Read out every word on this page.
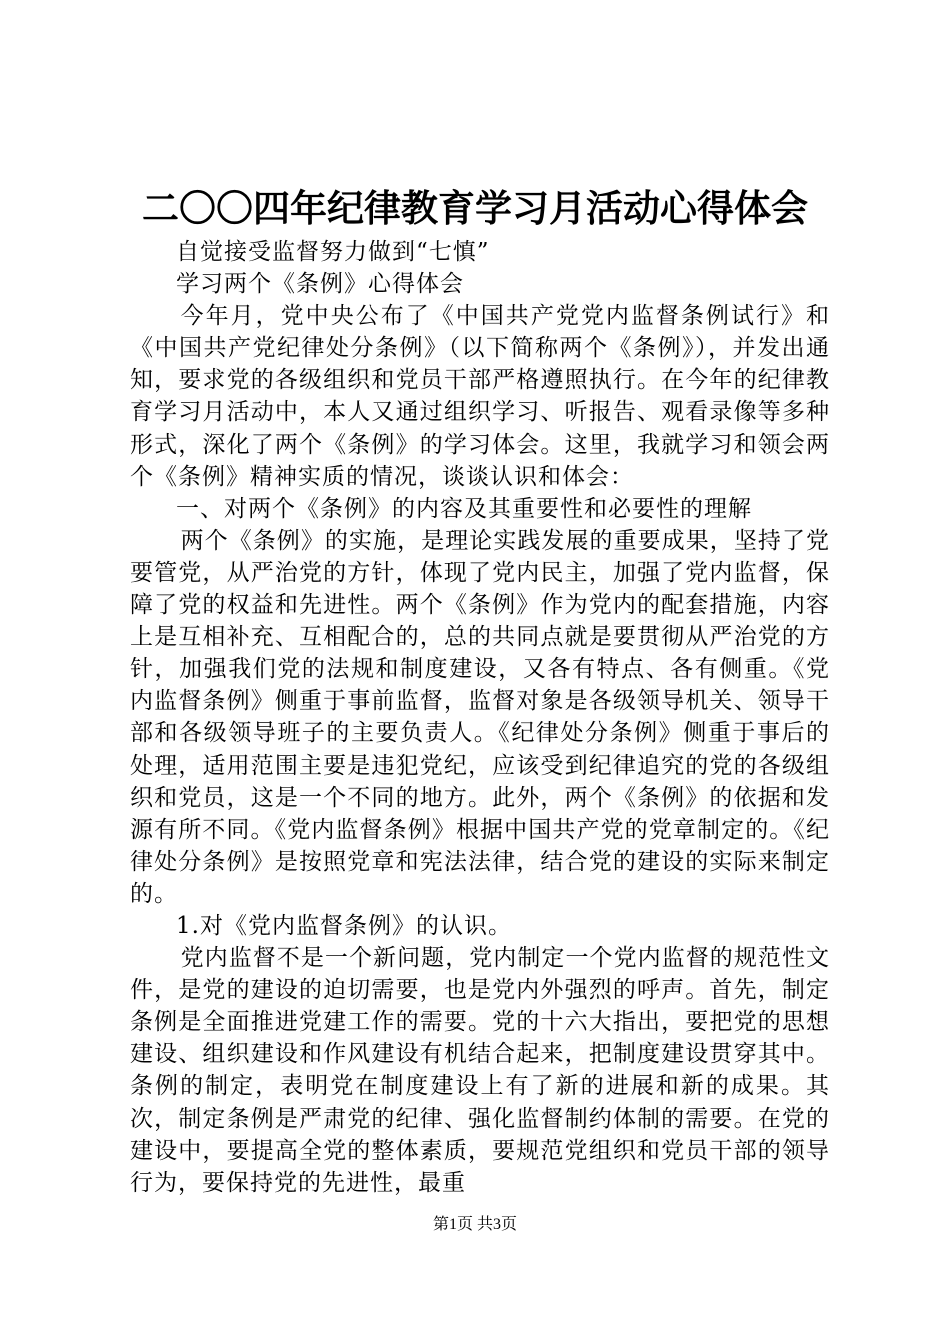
二〇〇四年纪律教育学习月活动心得体会

自觉接受监督努力做到“七慎”

学习两个《条例》心得体会

今年月，党中央公布了《中国共产党党内监督条例试行》和《中国共产党纪律处分条例》（以下简称两个《条例》），并发出通知，要求党的各级组织和党员干部严格遵照执行。在今年的纪律教育学习月活动中，本人又通过组织学习、听报告、观看录像等多种形式，深化了两个《条例》的学习体会。这里，我就学习和领会两个《条例》精神实质的情况，谈谈认识和体会：

一、对两个《条例》的内容及其重要性和必要性的理解

两个《条例》的实施，是理论实践发展的重要成果，坚持了党要管党，从严治党的方针，体现了党内民主，加强了党内监督，保障了党的权益和先进性。两个《条例》作为党内的配套措施，内容上是互相补充、互相配合的，总的共同点就是要贯彻从严治党的方针，加强我们党的法规和制度建设，又各有特点、各有侧重。《党内监督条例》侧重于事前监督，监督对象是各级领导机关、领导干部和各级领导班子的主要负责人。《纪律处分条例》侧重于事后的处理，适用范围主要是违犯党纪，应该受到纪律追究的党的各级组织和党员，这是一个不同的地方。此外，两个《条例》的依据和发源有所不同。《党内监督条例》根据中国共产党的党章制定的。《纪律处分条例》是按照党章和宪法法律，结合党的建设的实际来制定的。

1.对《党内监督条例》的认识。

党内监督不是一个新问题，党内制定一个党内监督的规范性文件，是党的建设的迫切需要，也是党内外强烈的呼声。首先，制定条例是全面推进党建工作的需要。党的十六大指出，要把党的思想建设、组织建设和作风建设有机结合起来，把制度建设贯穿其中。条例的制定，表明党在制度建设上有了新的进展和新的成果。其次，制定条例是严肃党的纪律、强化监督制约体制的需要。在党的建设中，要提高全党的整体素质，要规范党组织和党员干部的领导行为，要保持党的先进性，最重

第1页 共3页
